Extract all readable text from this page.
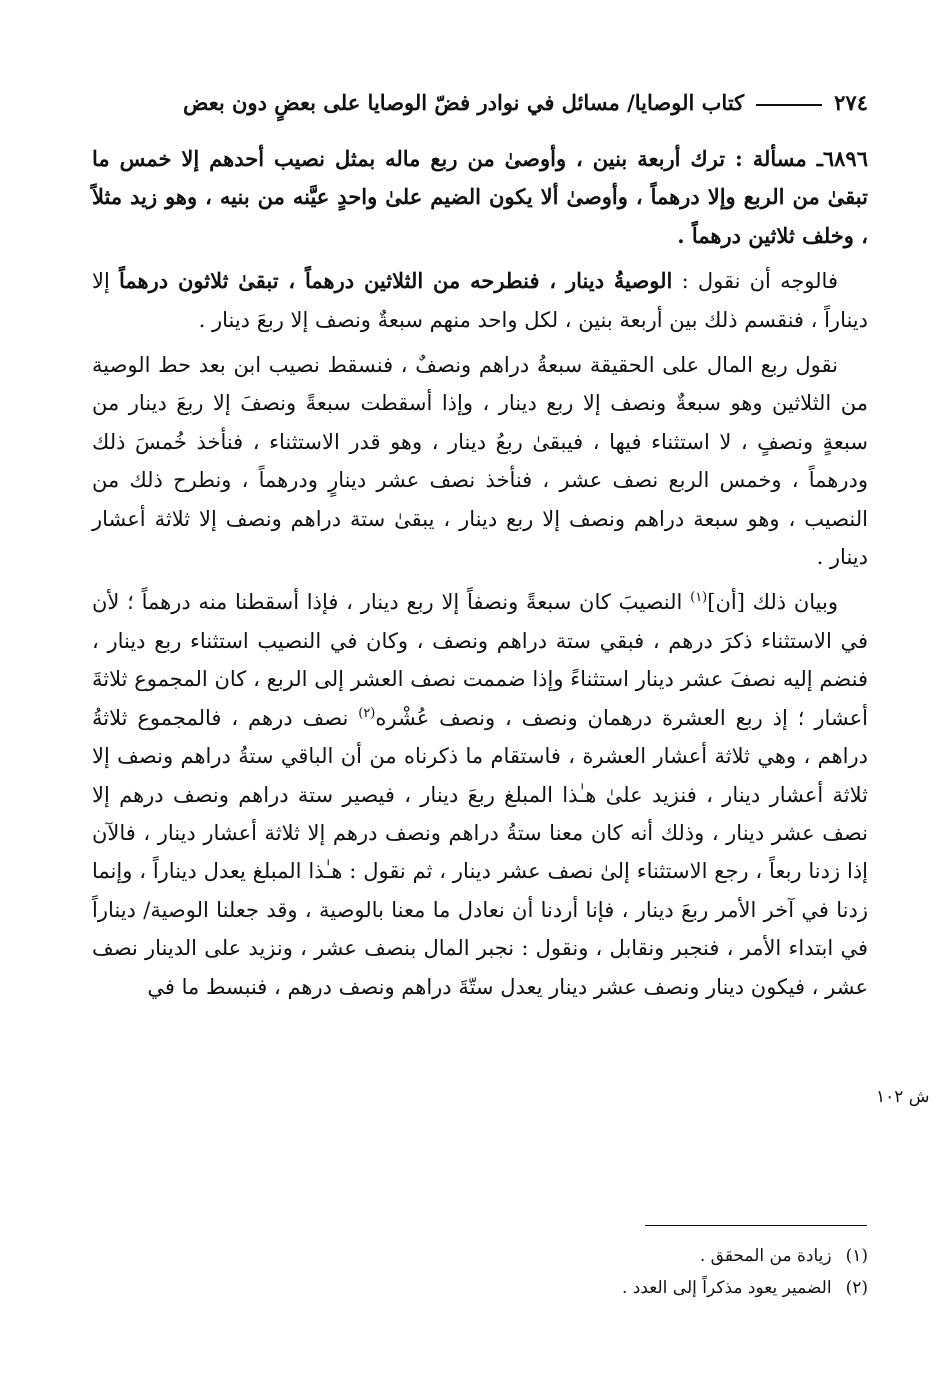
٢٧٤
كتاب الوصايا/ مسائل في نوادر فضّ الوصايا على بعضٍ دون بعض

٦٨٩٦ـ مسألة : ترك أربعة بنين ، وأوصىٰ من ربع ماله بمثل نصيب أحدهم إلا خمس ما تبقىٰ من الربع وإلا درهماً ، وأوصىٰ ألا يكون الضيم علىٰ واحدٍ عيَّنه من بنيه ، وهو زيد مثلاً ، وخلف ثلاثين درهماً .

فالوجه أن نقول : الوصيةُ دينار ، فنطرحه من الثلاثين درهماً ، تبقىٰ ثلاثون درهماً إلا ديناراً ، فنقسم ذلك بين أربعة بنين ، لكل واحد منهم سبعةٌ ونصف إلا ربعَ دينار .

نقول ربع المال على الحقيقة سبعةُ دراهم ونصفٌ ، فنسقط نصيب ابن بعد حط الوصية من الثلاثين وهو سبعةٌ ونصف إلا ربع دينار ، وإذا أسقطت سبعةً ونصفَ إلا ربعَ دينار من سبعةٍ ونصفٍ ، لا استثناء فيها ، فيبقىٰ ربعُ دينار ، وهو قدر الاستثناء ، فنأخذ خُمسَ ذلك ودرهماً ، وخمس الربع نصف عشر ، فنأخذ نصف عشر دينارٍ ودرهماً ، ونطرح ذلك من النصيب ، وهو سبعة دراهم ونصف إلا ربع دينار ، يبقىٰ ستة دراهم ونصف إلا ثلاثة أعشار دينار .

وبيان ذلك [أن]$^{(١)}$ النصيبَ كان سبعةً ونصفاً إلا ربع دينار ، فإذا أسقطنا منه درهماً ؛ لأن في الاستثناء ذكرَ درهم ، فبقي ستة دراهم ونصف ، وكان في النصيب استثناء ربع دينار ، فنضم إليه نصفَ عشر دينار استثناءً وإذا ضممت نصف العشر إلى الربع ، كان المجموع ثلاثةَ أعشار ؛ إذ ربع العشرة درهمان ونصف ، ونصف عُشْره$^{(٢)}$ نصف درهم ، فالمجموع ثلاثةُ دراهم ، وهي ثلاثة أعشار العشرة ، فاستقام ما ذكرناه من أن الباقي ستةُ دراهم ونصف إلا ثلاثة أعشار دينار ، فنزيد علىٰ هـٰذا المبلغ ربعَ دينار ، فيصير ستة دراهم ونصف درهم إلا نصف عشر دينار ، وذلك أنه كان معنا ستةُ دراهم ونصف درهم إلا ثلاثة أعشار دينار ، فالآن إذا زدنا ربعاً ، رجع الاستثناء إلىٰ نصف عشر دينار ، ثم نقول : هـٰذا المبلغ يعدل ديناراً ، وإنما زدنا في آخر الأمر ربعَ دينار ، فإنا أردنا أن نعادل ما معنا بالوصية ، وقد جعلنا الوصية/ ديناراً في ابتداء الأمر ، فنجبر ونقابل ، ونقول : نجبر المال بنصف عشر ، ونزيد على الدينار نصف عشر ، فيكون دينار ونصف عشر دينار يعدل ستّةَ دراهم ونصف درهم ، فنبسط ما في

ش ١٠٢
(١)
زيادة من المحقق .
(٢)
الضمير يعود مذكراً إلى العدد .
